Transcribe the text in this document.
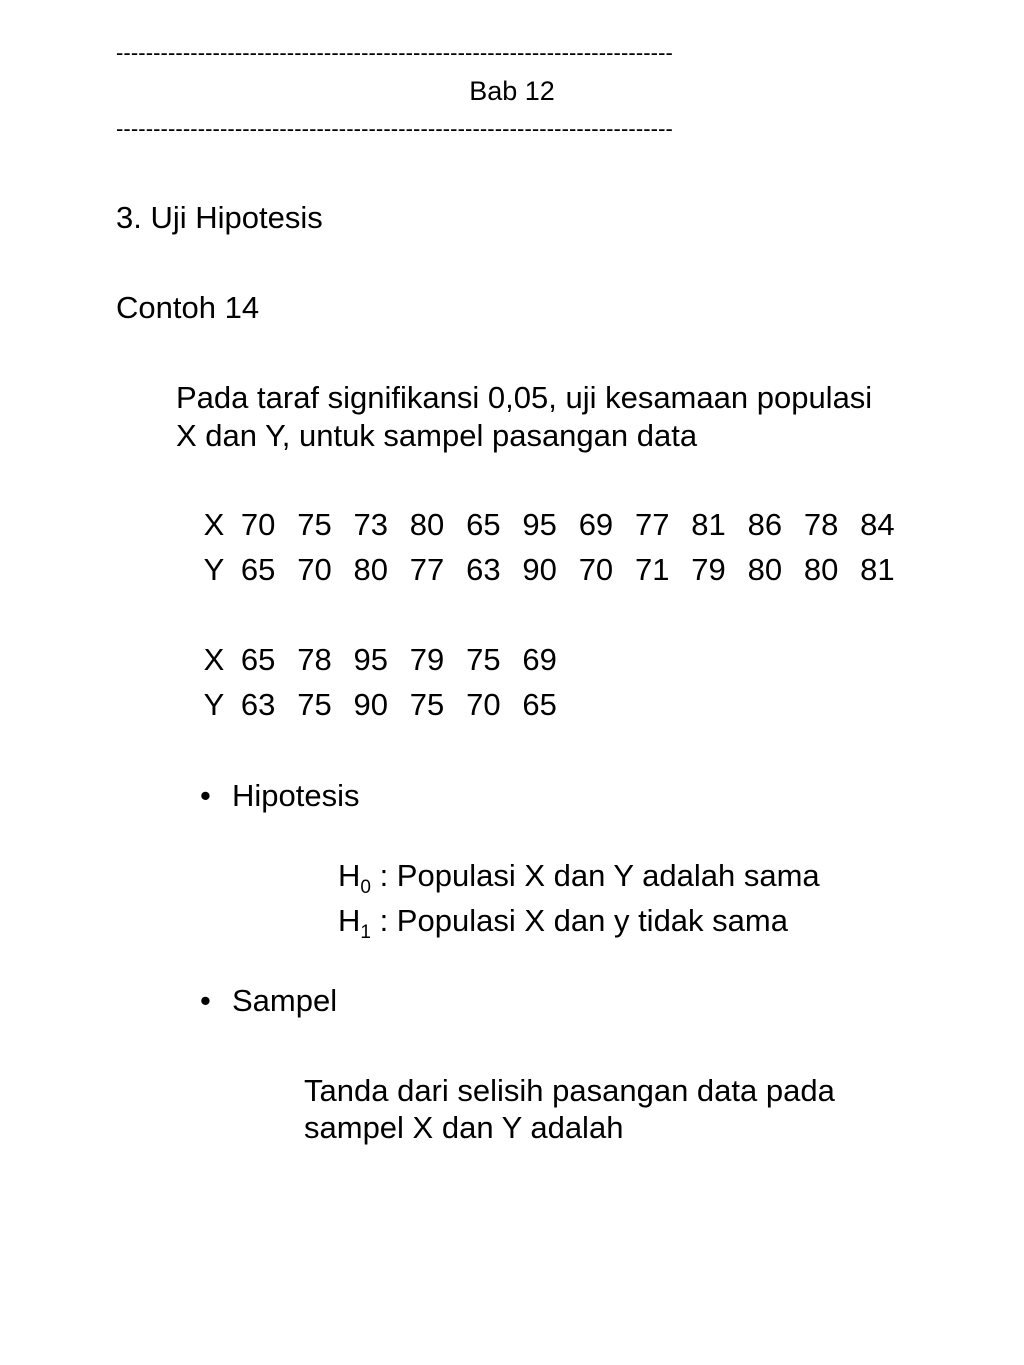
---------------------------------------------------------------------------
Bab 12
---------------------------------------------------------------------------
3. Uji Hipotesis
Contoh 14
Pada taraf signifikansi 0,05, uji kesamaan populasi
X dan Y, untuk sampel pasangan data
X 70 75 73 80 65 95 69 77 81 86 78 84
Y 65 70 80 77 63 90 70 71 79 80 80 81
X 65 78 95 79 75 69
Y 63 75 90 75 70 65
• Hipotesis
$H_0$ : Populasi X dan Y adalah sama
$H_1$ : Populasi X dan y tidak sama
• Sampel
Tanda dari selisih pasangan data pada
sampel X dan Y adalah
